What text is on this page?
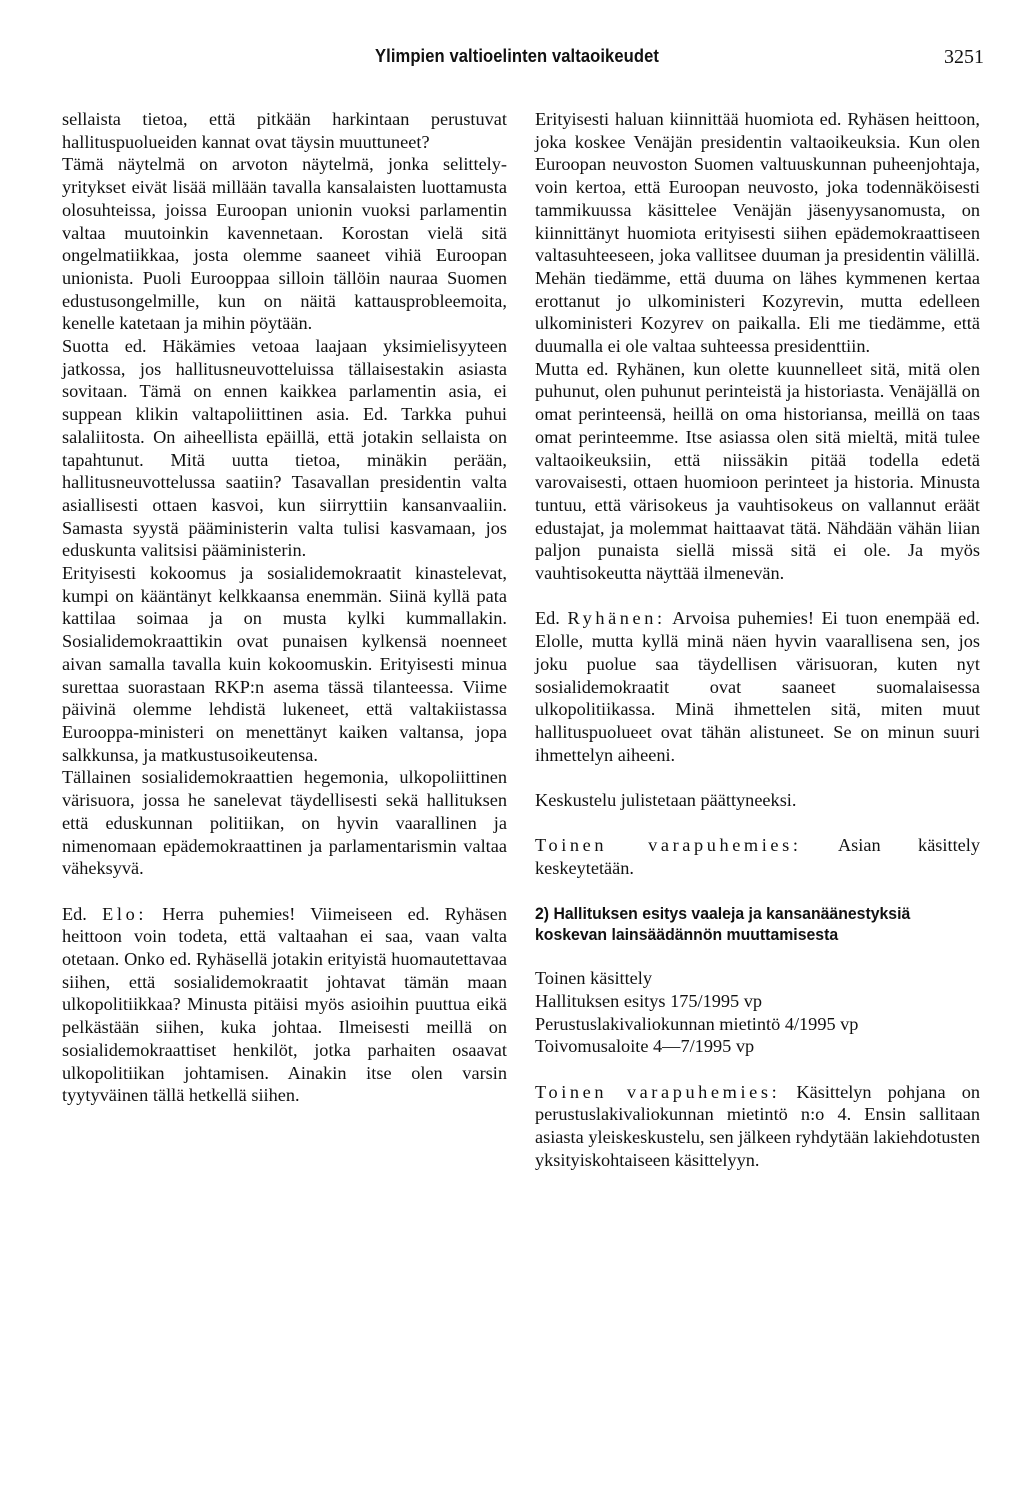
Ylimpien valtioelinten valtaoikeudet	3251

sellaista tietoa, että pitkään harkintaan perustuvat hallituspuolueiden kannat ovat täysin muuttuneet?

Tämä näytelmä on arvoton näytelmä, jonka selittely-yritykset eivät lisää millään tavalla kansalaisten luottamusta olosuhteissa, joissa Euroopan unionin vuoksi parlamentin valtaa muutoinkin kavennetaan. Korostan vielä sitä ongelmatiikkaa, josta olemme saaneet vihiä Euroopan unionista. Puoli Eurooppaa silloin tällöin nauraa Suomen edustusongelmille, kun on näitä kattausprobleemoita, kenelle katetaan ja mihin pöytään.

Suotta ed. Häkämies vetoaa laajaan yksimielisyyteen jatkossa, jos hallitusneuvotteluissa tällaisestakin asiasta sovitaan. Tämä on ennen kaikkea parlamentin asia, ei suppean klikin valtapoliittinen asia. Ed. Tarkka puhui salaliitosta. On aiheellista epäillä, että jotakin sellaista on tapahtunut. Mitä uutta tietoa, minäkin perään, hallitusneuvottelussa saatiin? Tasavallan presidentin valta asiallisesti ottaen kasvoi, kun siirryttiin kansanvaaliin. Samasta syystä pääministerin valta tulisi kasvamaan, jos eduskunta valitsisi pääministerin.

Erityisesti kokoomus ja sosialidemokraatit kinastelevat, kumpi on kääntänyt kelkkaansa enemmän. Siinä kyllä pata kattilaa soimaa ja on musta kylki kummallakin. Sosialidemokraattikin ovat punaisen kylkensä noenneet aivan samalla tavalla kuin kokoomuskin. Erityisesti minua surettaa suorastaan RKP:n asema tässä tilanteessa. Viime päivinä olemme lehdistä lukeneet, että valtakiistassa Eurooppa-ministeri on menettänyt kaiken valtansa, jopa salkkunsa, ja matkustusoikeutensa.

Tällainen sosialidemokraattien hegemonia, ulkopoliittinen värisuora, jossa he sanelevat täydellisesti sekä hallituksen että eduskunnan politiikan, on hyvin vaarallinen ja nimenomaan epädemokraattinen ja parlamentarismin valtaa väheksyvä.

Ed. Elo: Herra puhemies! Viimeiseen ed. Ryhäsen heittoon voin todeta, että valtaahan ei saa, vaan valta otetaan. Onko ed. Ryhäsellä jotakin erityistä huomautettavaa siihen, että sosialidemokraatit johtavat tämän maan ulkopolitiikkaa? Minusta pitäisi myös asioihin puuttua eikä pelkästään siihen, kuka johtaa. Ilmeisesti meillä on sosialidemokraattiset henkilöt, jotka parhaiten osaavat ulkopolitiikan johtamisen. Ainakin itse olen varsin tyytyväinen tällä hetkellä siihen.

Erityisesti haluan kiinnittää huomiota ed. Ryhäsen heittoon, joka koskee Venäjän presidentin valtaoikeuksia. Kun olen Euroopan neuvoston Suomen valtuuskunnan puheenjohtaja, voin kertoa, että Euroopan neuvosto, joka todennäköisesti tammikuussa käsittelee Venäjän jäsenyysanomusta, on kiinnittänyt huomiota erityisesti siihen epädemokraattiseen valtasuhteeseen, joka vallitsee duuman ja presidentin välillä. Mehän tiedämme, että duuma on lähes kymmenen kertaa erottanut jo ulkoministeri Kozyrevin, mutta edelleen ulkoministeri Kozyrev on paikalla. Eli me tiedämme, että duumalla ei ole valtaa suhteessa presidenttiin.

Mutta ed. Ryhänen, kun olette kuunnelleet sitä, mitä olen puhunut, olen puhunut perinteistä ja historiasta. Venäjällä on omat perinteensä, heillä on oma historiansa, meillä on taas omat perinteemme. Itse asiassa olen sitä mieltä, mitä tulee valtaoikeuksiin, että niissäkin pitää todella edetä varovaisesti, ottaen huomioon perinteet ja historia. Minusta tuntuu, että värisokeus ja vauhtisokeus on vallannut eräät edustajat, ja molemmat haittaavat tätä. Nähdään vähän liian paljon punaista siellä missä sitä ei ole. Ja myös vauhtisokeutta näyttää ilmenevän.

Ed. Ryhänen: Arvoisa puhemies! Ei tuon enempää ed. Elolle, mutta kyllä minä näen hyvin vaarallisena sen, jos joku puolue saa täydellisen värisuoran, kuten nyt sosialidemokraatit ovat saaneet suomalaisessa ulkopolitiikassa. Minä ihmettelen sitä, miten muut hallituspuolueet ovat tähän alistuneet. Se on minun suuri ihmettelyn aiheeni.

Keskustelu julistetaan päättyneeksi.

Toinen varapuhemies: Asian käsittely keskeytetään.

2) Hallituksen esitys vaaleja ja kansanäänestyksiä koskevan lainsäädännön muuttamisesta

Toinen käsittely

Hallituksen esitys 175/1995 vp

Perustuslakivaliokunnan mietintö 4/1995 vp

Toivomusaloite 4—7/1995 vp

Toinen varapuhemies: Käsittelyn pohjana on perustuslakivaliokunnan mietintö n:o 4. Ensin sallitaan asiasta yleiskeskustelu, sen jälkeen ryhdytään lakiehdotusten yksityiskohtaiseen käsittelyyn.
